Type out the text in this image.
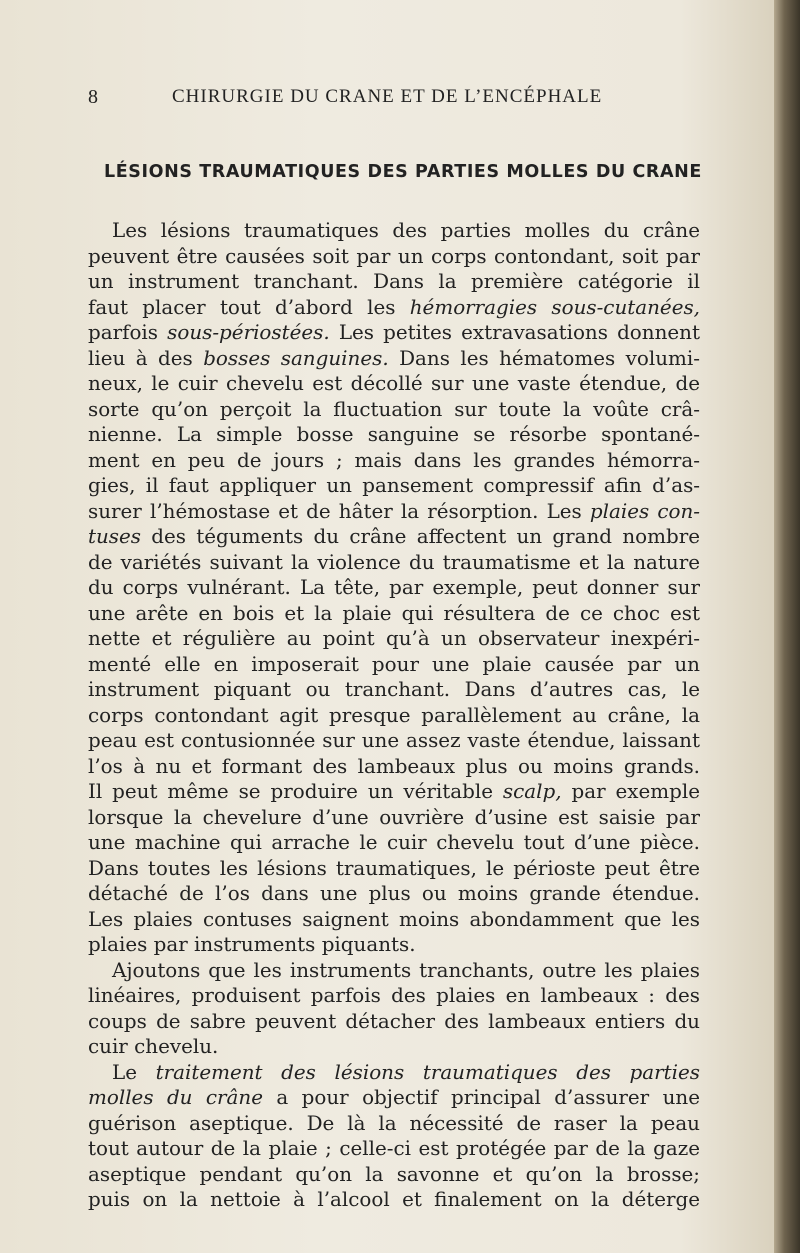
8	CHIRURGIE DU CRANE ET DE L’ENCÉPHALE
LÉSIONS TRAUMATIQUES DES PARTIES MOLLES DU CRANE
Les lésions traumatiques des parties molles du crâne
peuvent être causées soit par un corps contondant, soit par
un instrument tranchant. Dans la première catégorie il
faut placer tout d’abord les hémorragies sous-cutanées,
parfois sous-périostées. Les petites extravasations donnent
lieu à des bosses sanguines. Dans les hématomes volumi-
neux, le cuir chevelu est décollé sur une vaste étendue, de
sorte qu’on perçoit la fluctuation sur toute la voûte crâ-
nienne. La simple bosse sanguine se résorbe spontané-
ment en peu de jours ; mais dans les grandes hémorra-
gies, il faut appliquer un pansement compressif afin d’as-
surer l’hémostase et de hâter la résorption. Les plaies con-
tuses des téguments du crâne affectent un grand nombre
de variétés suivant la violence du traumatisme et la nature
du corps vulnérant. La tête, par exemple, peut donner sur
une arête en bois et la plaie qui résultera de ce choc est
nette et régulière au point qu’à un observateur inexpéri-
menté elle en imposerait pour une plaie causée par un
instrument piquant ou tranchant. Dans d’autres cas, le
corps contondant agit presque parallèlement au crâne, la
peau est contusionnée sur une assez vaste étendue, laissant
l’os à nu et formant des lambeaux plus ou moins grands.
Il peut même se produire un véritable scalp, par exemple
lorsque la chevelure d’une ouvrière d’usine est saisie par
une machine qui arrache le cuir chevelu tout d’une pièce.
Dans toutes les lésions traumatiques, le périoste peut être
détaché de l’os dans une plus ou moins grande étendue.
Les plaies contuses saignent moins abondamment que les
plaies par instruments piquants.
Ajoutons que les instruments tranchants, outre les plaies
linéaires, produisent parfois des plaies en lambeaux : des
coups de sabre peuvent détacher des lambeaux entiers du
cuir chevelu.
Le traitement des lésions traumatiques des parties
molles du crâne a pour objectif principal d’assurer une
guérison aseptique. De là la nécessité de raser la peau
tout autour de la plaie ; celle-ci est protégée par de la gaze
aseptique pendant qu’on la savonne et qu’on la brosse;
puis on la nettoie à l’alcool et finalement on la déterge
